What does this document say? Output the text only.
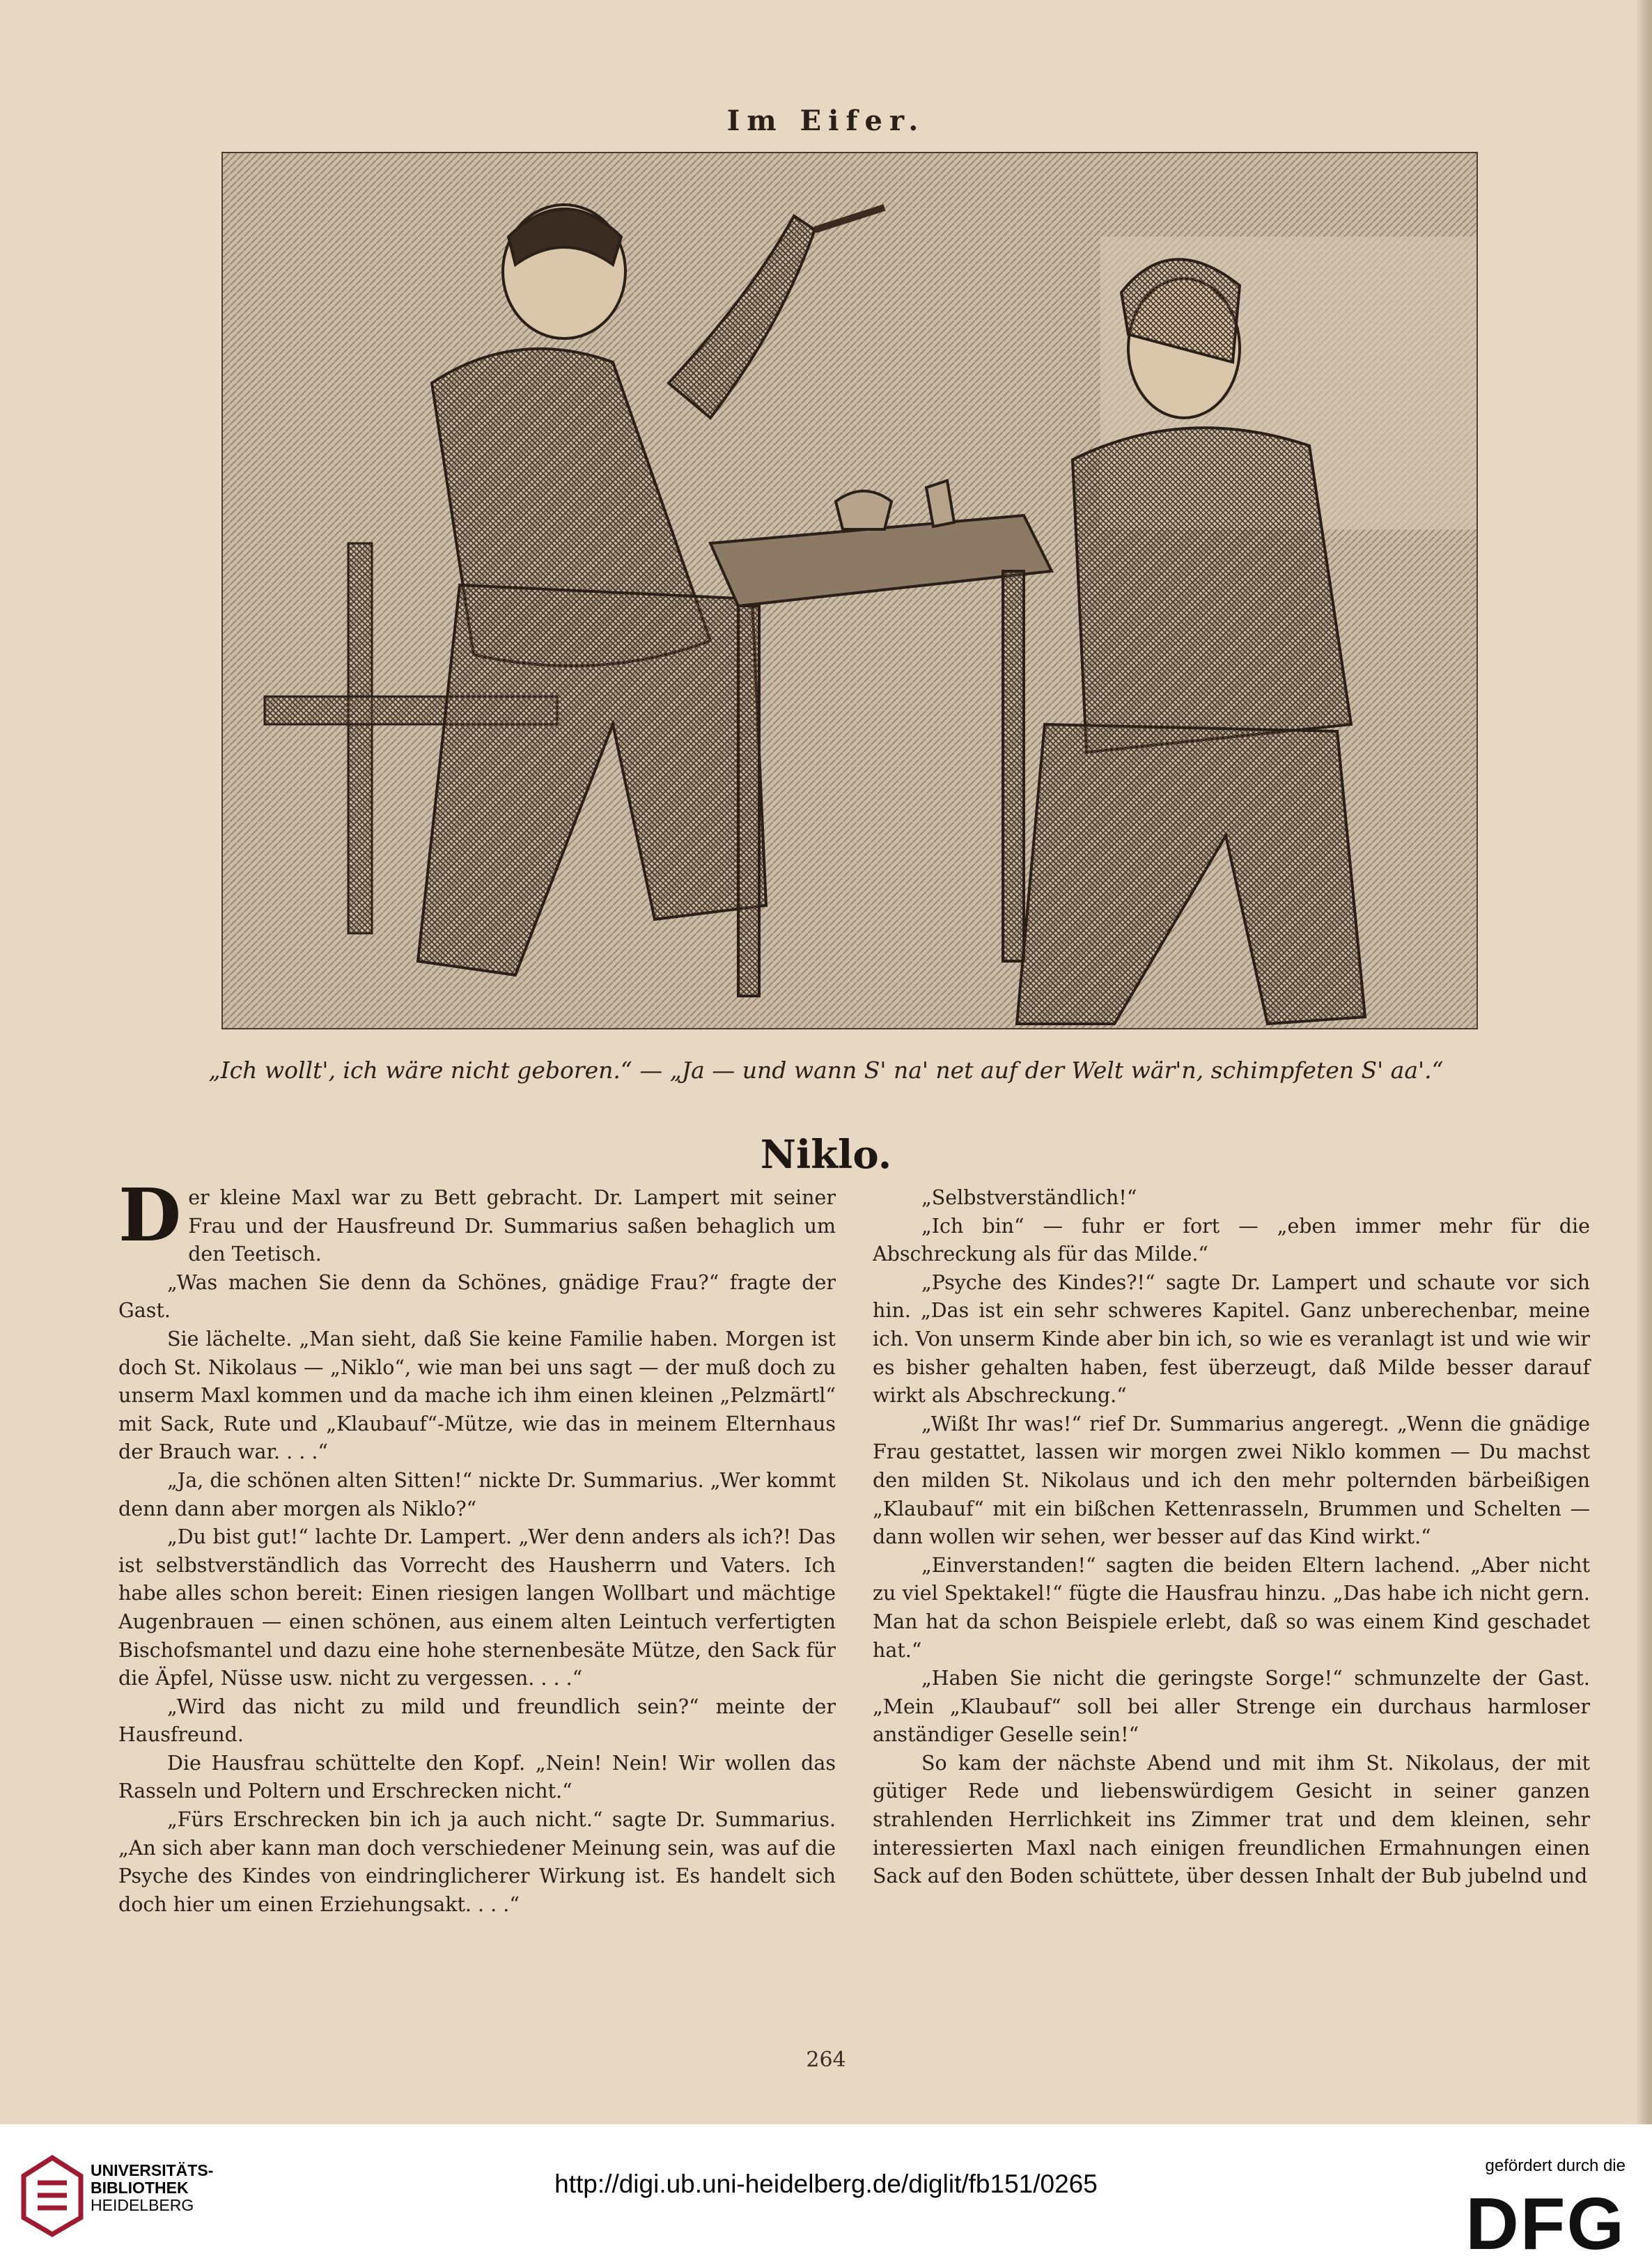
Im Eifer.
„Ich wollt', ich wäre nicht geboren.“ — „Ja — und wann S' na' net auf der Welt wär'n, schimpfeten S' aa'.“
Niklo.

Der kleine Maxl war zu Bett gebracht. Dr. Lampert mit seiner Frau und der Hausfreund Dr. Summarius saßen behaglich um den Teetisch.

„Was machen Sie denn da Schönes, gnädige Frau?“ fragte der Gast.

Sie lächelte. „Man sieht, daß Sie keine Familie haben. Morgen ist doch St. Nikolaus — „Niklo“, wie man bei uns sagt — der muß doch zu unserm Maxl kommen und da mache ich ihm einen kleinen „Pelzmärtl“ mit Sack, Rute und „Klaubauf“-Mütze, wie das in meinem Elternhaus der Brauch war. . . .“

„Ja, die schönen alten Sitten!“ nickte Dr. Summarius. „Wer kommt denn dann aber morgen als Niklo?“

„Du bist gut!“ lachte Dr. Lampert. „Wer denn anders als ich?! Das ist selbstverständlich das Vorrecht des Hausherrn und Vaters. Ich habe alles schon bereit: Einen riesigen langen Wollbart und mächtige Augenbrauen — einen schönen, aus einem alten Leintuch verfertigten Bischofsmantel und dazu eine hohe sternenbesäte Mütze, den Sack für die Äpfel, Nüsse usw. nicht zu vergessen. . . .“

„Wird das nicht zu mild und freundlich sein?“ meinte der Hausfreund.

Die Hausfrau schüttelte den Kopf. „Nein! Nein! Wir wollen das Rasseln und Poltern und Erschrecken nicht.“

„Fürs Erschrecken bin ich ja auch nicht.“ sagte Dr. Summarius. „An sich aber kann man doch verschiedener Meinung sein, was auf die Psyche des Kindes von eindringlicherer Wirkung ist. Es handelt sich doch hier um einen Erziehungsakt. . . .“

„Selbstverständlich!“

„Ich bin“ — fuhr er fort — „eben immer mehr für die Abschreckung als für das Milde.“

„Psyche des Kindes?!“ sagte Dr. Lampert und schaute vor sich hin. „Das ist ein sehr schweres Kapitel. Ganz unberechenbar, meine ich. Von unserm Kinde aber bin ich, so wie es veranlagt ist und wie wir es bisher gehalten haben, fest überzeugt, daß Milde besser darauf wirkt als Abschreckung.“

„Wißt Ihr was!“ rief Dr. Summarius angeregt. „Wenn die gnädige Frau gestattet, lassen wir morgen zwei Niklo kommen — Du machst den milden St. Nikolaus und ich den mehr polternden bärbeißigen „Klaubauf“ mit ein bißchen Kettenrasseln, Brummen und Schelten — dann wollen wir sehen, wer besser auf das Kind wirkt.“

„Einverstanden!“ sagten die beiden Eltern lachend. „Aber nicht zu viel Spektakel!“ fügte die Hausfrau hinzu. „Das habe ich nicht gern. Man hat da schon Beispiele erlebt, daß so was einem Kind geschadet hat.“

„Haben Sie nicht die geringste Sorge!“ schmunzelte der Gast. „Mein „Klaubauf“ soll bei aller Strenge ein durchaus harmloser anständiger Geselle sein!“

So kam der nächste Abend und mit ihm St. Nikolaus, der mit gütiger Rede und liebenswürdigem Gesicht in seiner ganzen strahlenden Herrlichkeit ins Zimmer trat und dem kleinen, sehr interessierten Maxl nach einigen freundlichen Ermahnungen einen Sack auf den Boden schüttete, über dessen Inhalt der Bub jubelnd und

264
UNIVERSITÄTS-
BIBLIOTHEK
HEIDELBERG
http://digi.ub.uni-heidelberg.de/diglit/fb151/0265
gefördert durch die
DFG
